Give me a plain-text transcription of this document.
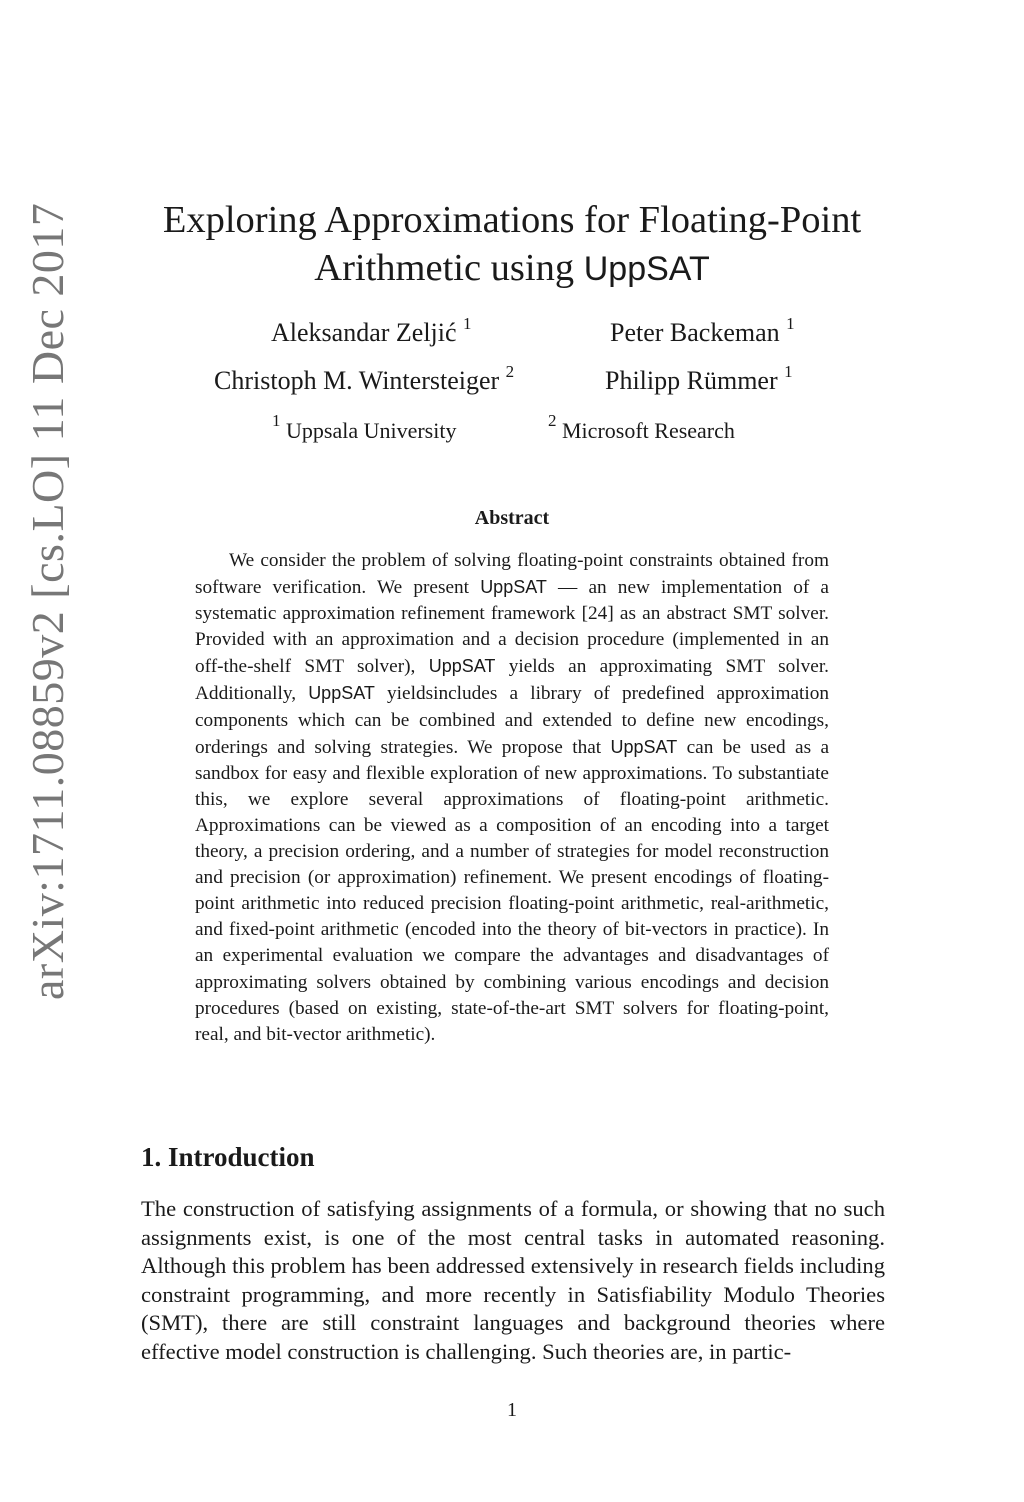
arXiv:1711.08859v2 [cs.LO] 11 Dec 2017	Exploring Approximations for Floating-Point
Arithmetic using UppSAT
Aleksandar Zeljić $^1$	Peter Backeman $^1$
Christoph M. Wintersteiger $^2$	Philipp Rümmer $^1$
$^1$ Uppsala University	$^2$ Microsoft Research
Abstract

We consider the problem of solving floating-point constraints obtained from software verification. We present UppSAT — an new implementation of a systematic approximation refinement framework [24] as an abstract SMT solver. Provided with an approximation and a decision procedure (implemented in an off-the-shelf SMT solver), UppSAT yields an approximating SMT solver. Additionally, UppSAT yieldsincludes a library of predefined approximation components which can be combined and extended to define new encodings, orderings and solving strategies. We propose that UppSAT can be used as a sandbox for easy and flexible exploration of new approximations. To substantiate this, we explore several approximations of floating-point arithmetic. Approximations can be viewed as a composition of an encoding into a target theory, a precision ordering, and a number of strategies for model reconstruction and precision (or approximation) refinement. We present encodings of floating-point arithmetic into reduced precision floating-point arithmetic, real-arithmetic, and fixed-point arithmetic (encoded into the theory of bit-vectors in practice). In an experimental evaluation we compare the advantages and disadvantages of approximating solvers obtained by combining various encodings and decision procedures (based on existing, state-of-the-art SMT solvers for floating-point, real, and bit-vector arithmetic).

1. Introduction

The construction of satisfying assignments of a formula, or showing that no such assignments exist, is one of the most central tasks in automated reasoning. Although this problem has been addressed extensively in research fields including constraint programming, and more recently in Satisfiability Modulo Theories (SMT), there are still constraint languages and background theories where effective model construction is challenging. Such theories are, in partic-

1
